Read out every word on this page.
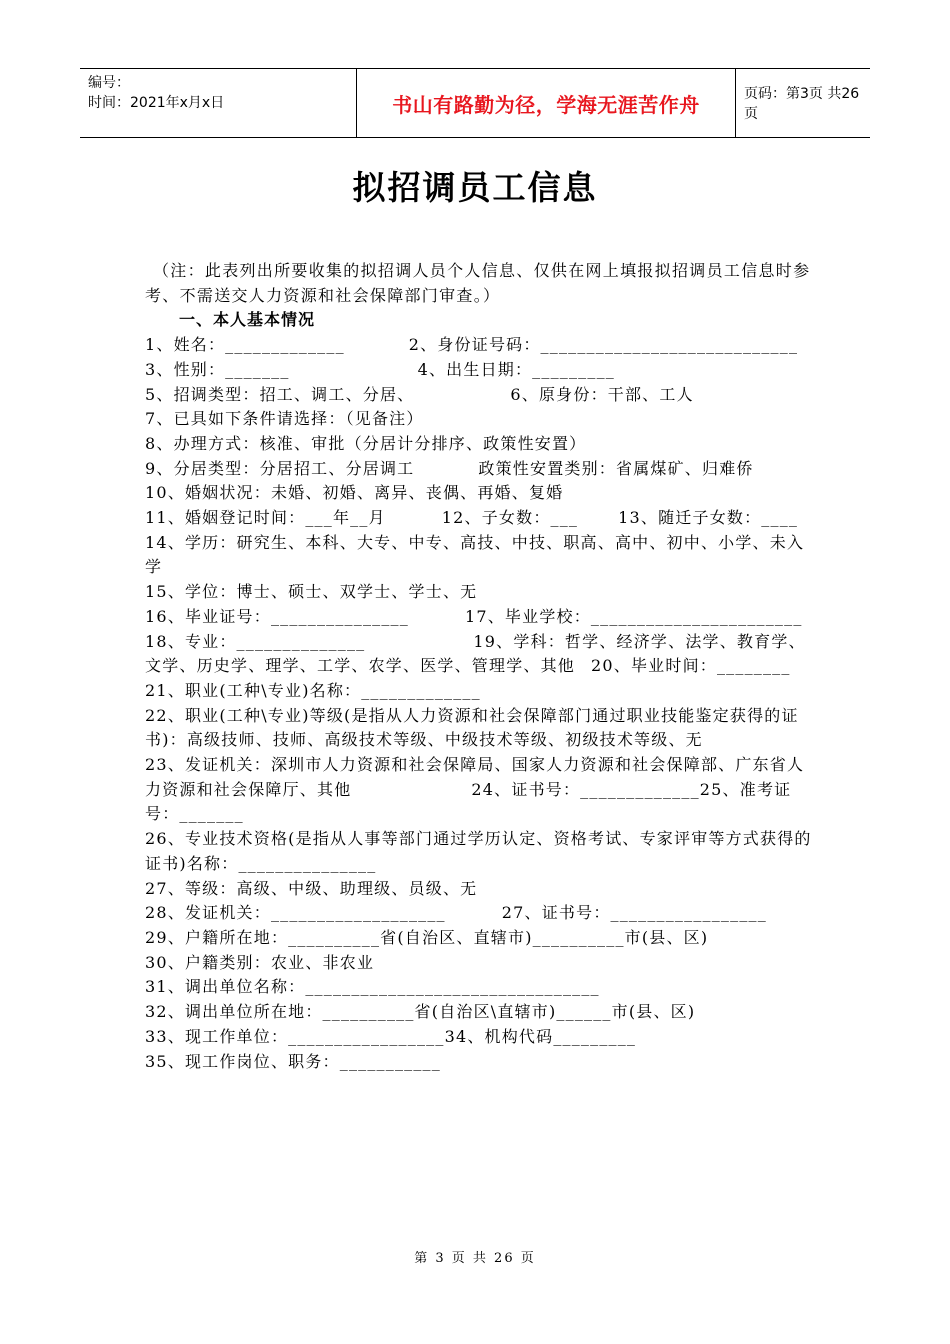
编号：
时间：2021年x月x日	书山有路勤为径，学海无涯苦作舟	页码：第3页 共26页
拟招调员工信息

（注：此表列出所要收集的拟招调人员个人信息、仅供在网上填报拟招调员工信息时参考、不需送交人力资源和社会保障部门审查。）

一、本人基本情况

1、姓名：_____________	2、身份证号码：____________________________

3、性别：_______	4、出生日期：_________

5、招调类型：招工、调工、分居、	6、原身份：干部、工人

7、已具如下条件请选择：（见备注）

8、办理方式：核准、审批（分居计分排序、政策性安置）

9、分居类型：分居招工、分居调工	政策性安置类别：省属煤矿、归难侨

10、婚姻状况：未婚、初婚、离异、丧偶、再婚、复婚

11、婚姻登记时间：___年__月	12、子女数：___	13、随迁子女数：____

14、学历：研究生、本科、大专、中专、高技、中技、职高、高中、初中、小学、未入学

15、学位：博士、硕士、双学士、学士、无

16、毕业证号：_______________	17、毕业学校：_______________________

18、专业：______________	19、学科：哲学、经济学、法学、教育学、文学、历史学、理学、工学、农学、医学、管理学、其他 20、毕业时间：________

21、职业(工种\专业)名称：_____________

22、职业(工种\专业)等级(是指从人力资源和社会保障部门通过职业技能鉴定获得的证书)：高级技师、技师、高级技术等级、中级技术等级、初级技术等级、无

23、发证机关：深圳市人力资源和社会保障局、国家人力资源和社会保障部、广东省人力资源和社会保障厅、其他	24、证书号：_____________25、准考证号：_______

26、专业技术资格(是指从人事等部门通过学历认定、资格考试、专家评审等方式获得的证书)名称：_______________

27、等级：高级、中级、助理级、员级、无

28、发证机关：___________________	27、证书号：_________________

29、户籍所在地：__________省(自治区、直辖市)__________市(县、区)

30、户籍类别：农业、非农业

31、调出单位名称：________________________________

32、调出单位所在地：__________省(自治区\直辖市)______市(县、区)

33、现工作单位：_________________34、机构代码_________

35、现工作岗位、职务：___________

第 3 页 共 26 页
